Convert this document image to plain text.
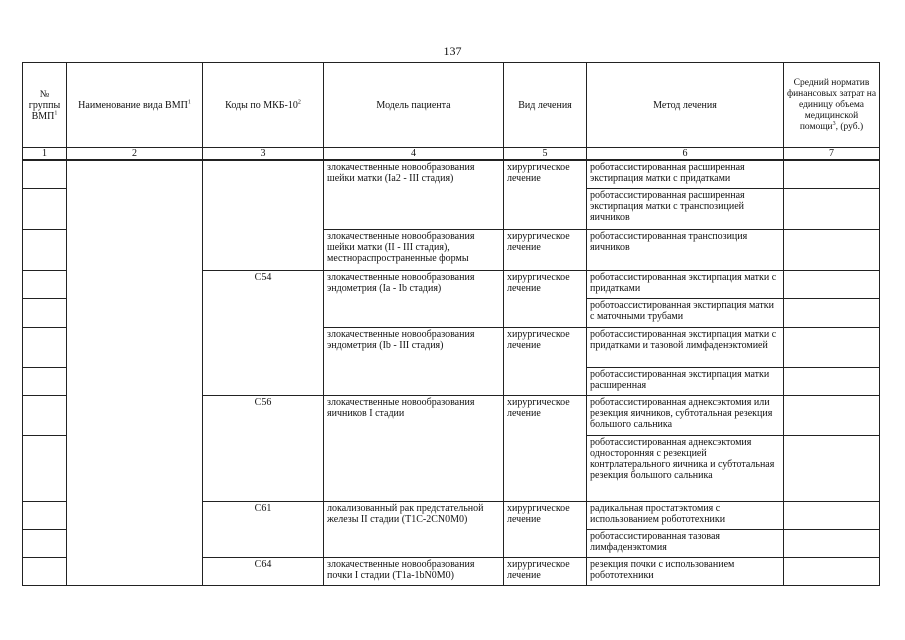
137
№ группы ВМП$^1$	Наименование вида ВМП$^1$	Коды по МКБ-$10^2$	Модель пациента	Вид лечения	Метод лечения	Средний норматив финансовых затрат на единицу объема медицинской помощи$^3$, (руб.)
1	2	3	4	5	6	7
			злокачественные новообразования шейки матки (Ia2 - III стадия)	хирургическое лечение	роботассистированная расширенная экстирпация матки с придатками	
					роботассистированная расширенная экстирпация матки с транспозицией яичников	
			злокачественные новообразования шейки матки (II - III стадия), местнораспространенные формы	хирургическое лечение	роботассистированная транспозиция яичников	
		C54	злокачественные новообразования эндометрия (Ia - Ib стадия)	хирургическое лечение	роботассистированная экстирпация матки с придатками	
					роботоассистированная экстирпация матки с маточными трубами	
			злокачественные новообразования эндометрия (Ib - III стадия)	хирургическое лечение	роботассистированная экстирпация матки с придатками и тазовой лимфаденэктомией	
					роботассистированная экстирпация матки расширенная	
		C56	злокачественные новообразования яичников I стадии	хирургическое лечение	роботассистированная аднексэктомия или резекция яичников, субтотальная резекция большого сальника	
					роботассистированная аднексэктомия односторонняя с резекцией контрлатерального яичника и субтотальная резекция большого сальника	
		C61	локализованный рак предстательной железы II стадии (T1C-2CN0M0)	хирургическое лечение	радикальная простатэктомия с использованием робототехники	
					роботассистированная тазовая лимфаденэктомия	
		C64	злокачественные новообразования почки I стадии (T1a-1bN0M0)	хирургическое лечение	резекция почки с использованием робототехники	
